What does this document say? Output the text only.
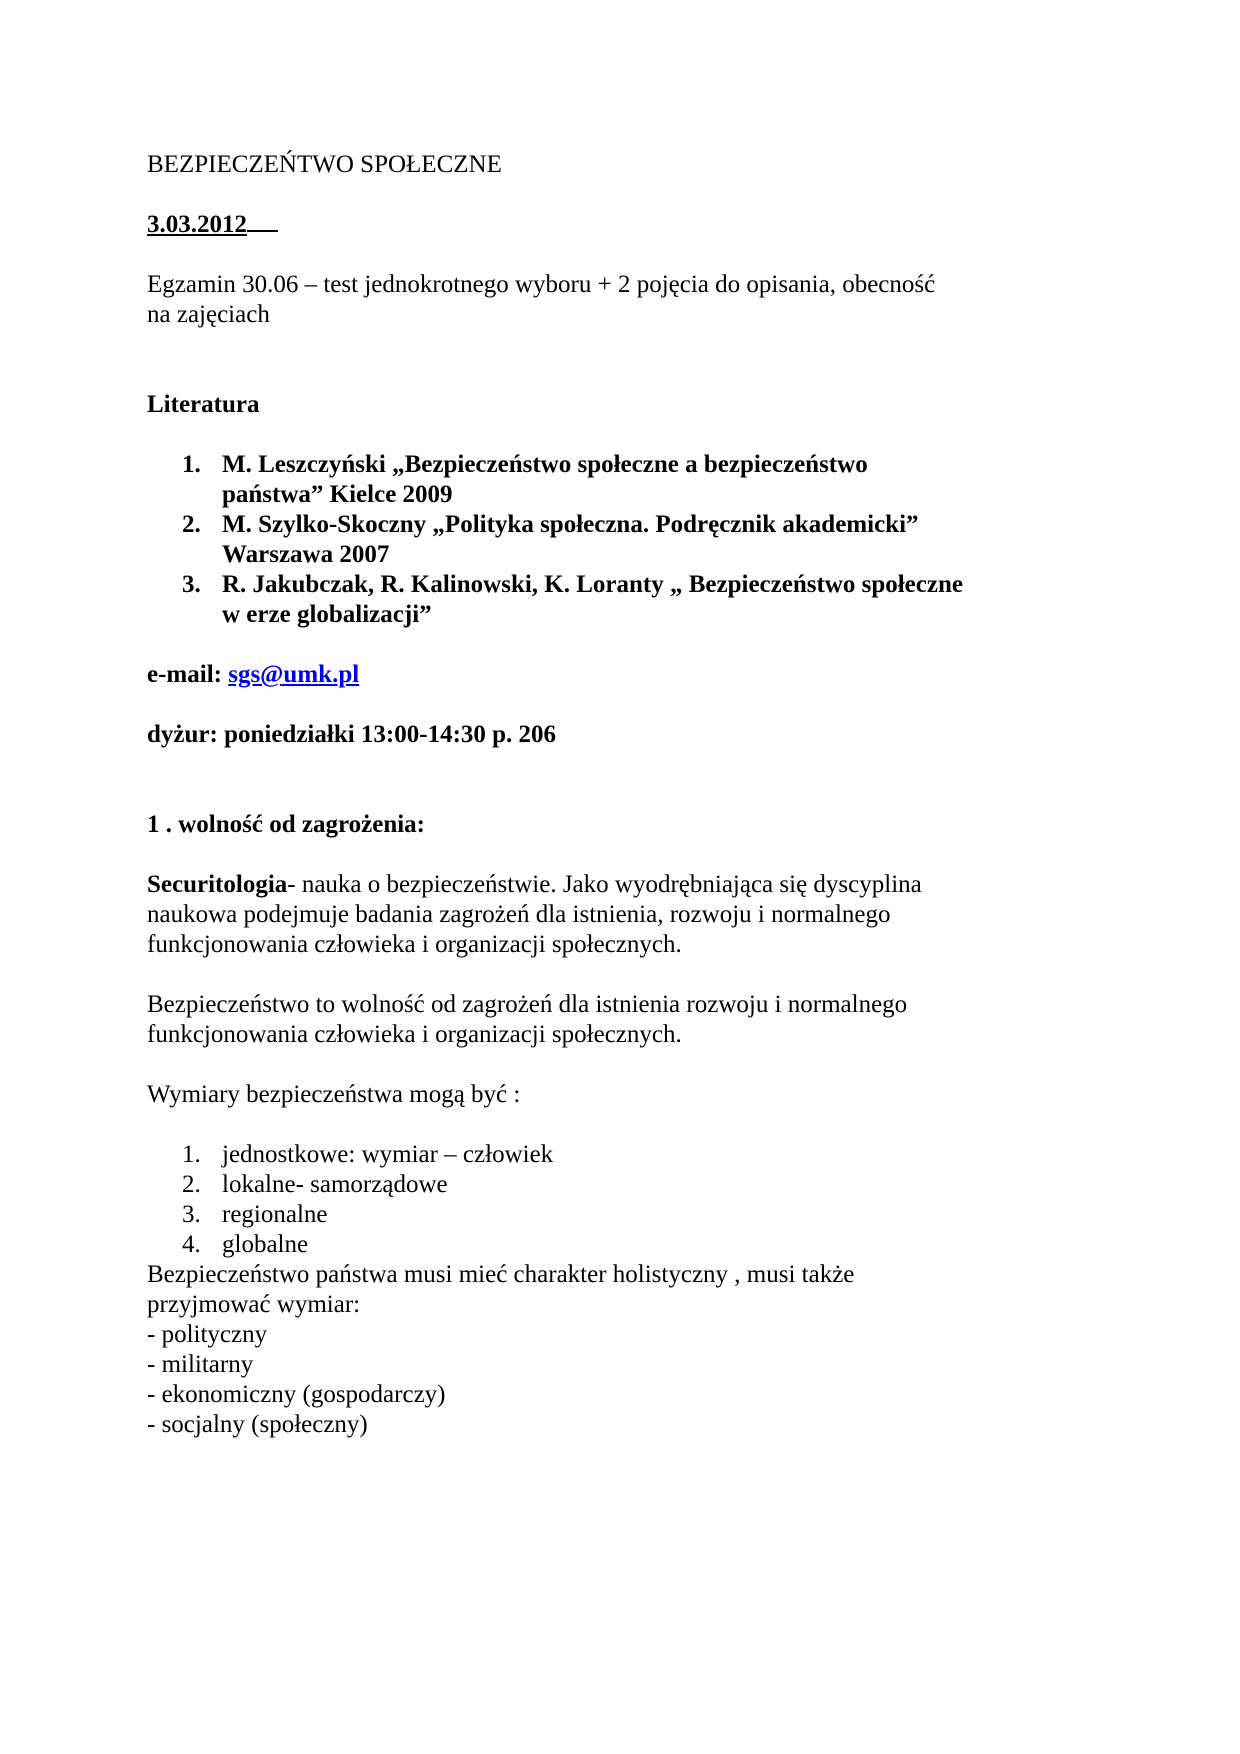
BEZPIECZEŃTWO SPOŁECZNE
3.03.2012
Egzamin 30.06 – test jednokrotnego wyboru + 2 pojęcia do opisania, obecność
na zajęciach
Literatura
1. M. Leszczyński „Bezpieczeństwo społeczne a bezpieczeństwo
państwa” Kielce 2009
2. M. Szylko-Skoczny „Polityka społeczna. Podręcznik akademicki”
Warszawa 2007
3. R. Jakubczak, R. Kalinowski, K. Loranty „ Bezpieczeństwo społeczne
w erze globalizacji”
e-mail: sgs@umk.pl
dyżur: poniedziałki 13:00-14:30 p. 206
1 . wolność od zagrożenia:
Securitologia- nauka o bezpieczeństwie. Jako wyodrębniająca się dyscyplina
naukowa podejmuje badania zagrożeń dla istnienia, rozwoju i normalnego
funkcjonowania człowieka i organizacji społecznych.
Bezpieczeństwo to wolność od zagrożeń dla istnienia rozwoju i normalnego
funkcjonowania człowieka i organizacji społecznych.
Wymiary bezpieczeństwa mogą być :
1. jednostkowe: wymiar – człowiek
2. lokalne- samorządowe
3. regionalne
4. globalne
Bezpieczeństwo państwa musi mieć charakter holistyczny , musi także
przyjmować wymiar:
- polityczny
- militarny
- ekonomiczny (gospodarczy)
- socjalny (społeczny)
